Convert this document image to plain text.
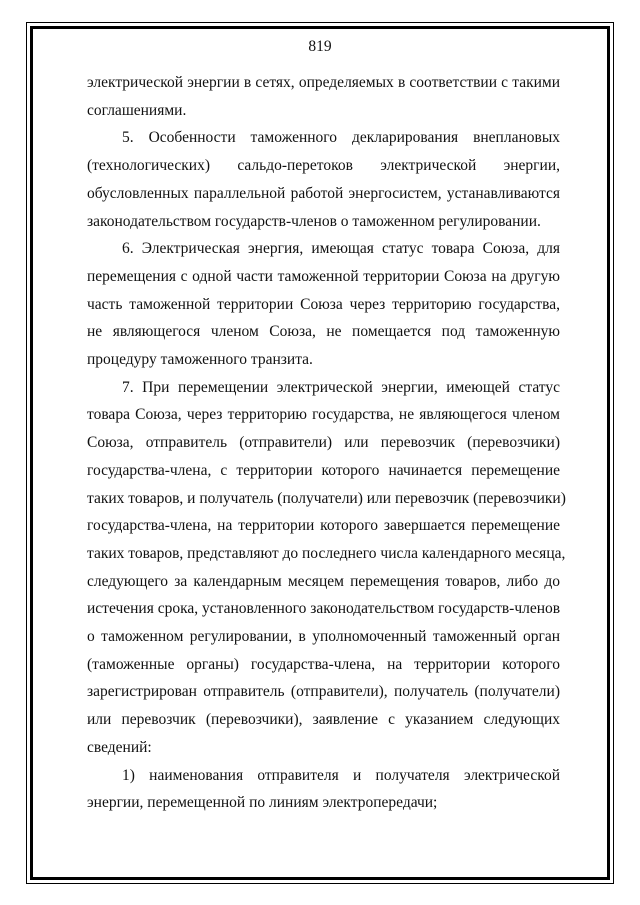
819

электрической энергии в сетях, определяемых в соответствии с такими
соглашениями.

5. Особенности таможенного декларирования внеплановых
(технологических) сальдо-перетоков электрической энергии,
обусловленных параллельной работой энергосистем, устанавливаются
законодательством государств-членов о таможенном регулировании.

6. Электрическая энергия, имеющая статус товара Союза, для
перемещения с одной части таможенной территории Союза на другую
часть таможенной территории Союза через территорию государства,
не являющегося членом Союза, не помещается под таможенную
процедуру таможенного транзита.

7. При перемещении электрической энергии, имеющей статус
товара Союза, через территорию государства, не являющегося членом
Союза, отправитель (отправители) или перевозчик (перевозчики)
государства-члена, с территории которого начинается перемещение
таких товаров, и получатель (получатели) или перевозчик (перевозчики)
государства-члена, на территории которого завершается перемещение
таких товаров, представляют до последнего числа календарного месяца,
следующего за календарным месяцем перемещения товаров, либо до
истечения срока, установленного законодательством государств-членов
о таможенном регулировании, в уполномоченный таможенный орган
(таможенные органы) государства-члена, на территории которого
зарегистрирован отправитель (отправители), получатель (получатели)
или перевозчик (перевозчики), заявление с указанием следующих
сведений:

1) наименования отправителя и получателя электрической
энергии, перемещенной по линиям электропередачи;
